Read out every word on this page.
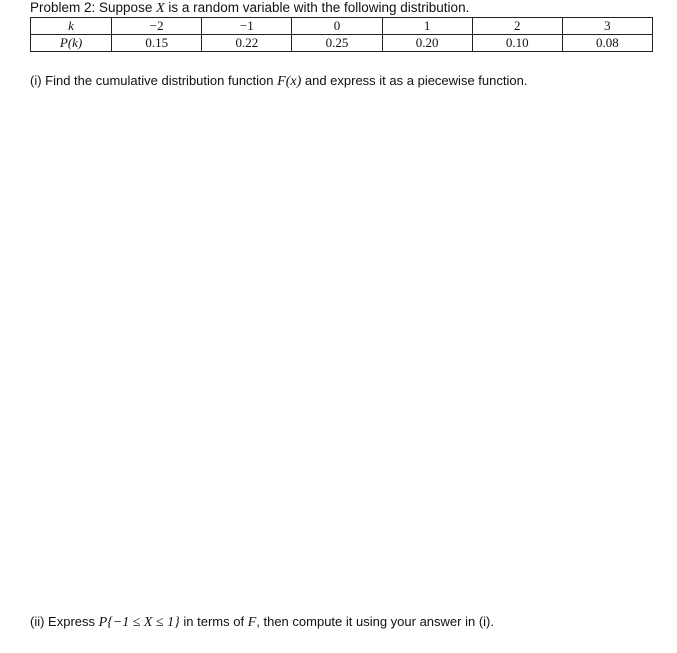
Problem 2: Suppose X is a random variable with the following distribution.
k	−2	−1	0	1	2	3
P(k)	0.15	0.22	0.25	0.20	0.10	0.08
(i) Find the cumulative distribution function F(x) and express it as a piecewise function.
(ii) Express P{−1 ≤ X ≤ 1} in terms of F, then compute it using your answer in (i).
